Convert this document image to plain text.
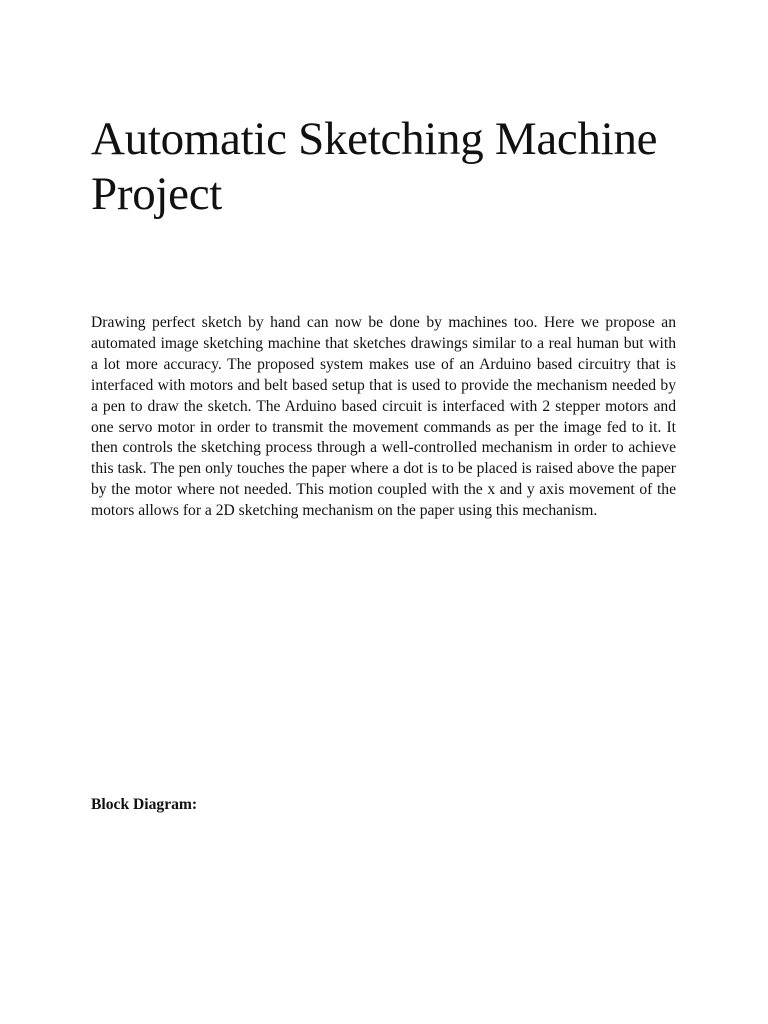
Automatic Sketching Machine Project

Drawing perfect sketch by hand can now be done by machines too. Here we propose an automated image sketching machine that sketches drawings similar to a real human but with a lot more accuracy. The proposed system makes use of an Arduino based circuitry that is interfaced with motors and belt based setup that is used to provide the mechanism needed by a pen to draw the sketch. The Arduino based circuit is interfaced with 2 stepper motors and one servo motor in order to transmit the movement commands as per the image fed to it. It then controls the sketching process through a well-controlled mechanism in order to achieve this task. The pen only touches the paper where a dot is to be placed is raised above the paper by the motor where not needed. This motion coupled with the x and y axis movement of the motors allows for a 2D sketching mechanism on the paper using this mechanism.

Block Diagram:
